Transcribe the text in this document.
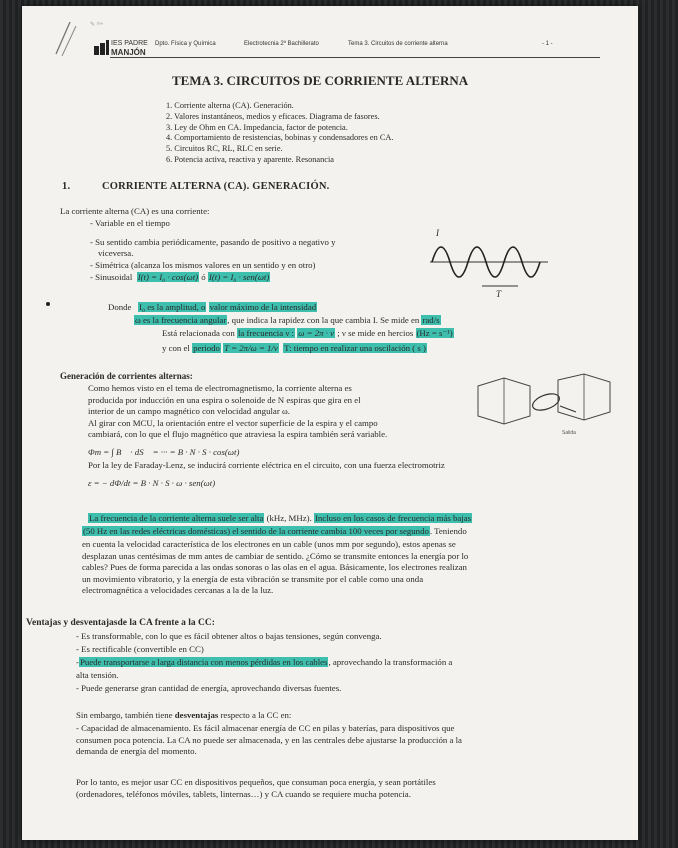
✎ ¹ᵇᵉˢ
IES PADRE
MANJÓN
Dpto. Física y Química	Electrotecnia 2º Bachillerato	Tema 3. Circuitos de corriente alterna	- 1 -
TEMA 3. CIRCUITOS DE CORRIENTE ALTERNA
1. Corriente alterna (CA). Generación.
2. Valores instantáneos, medios y eficaces. Diagrama de fasores.
3. Ley de Ohm en CA. Impedancia, factor de potencia.
4. Comportamiento de resistencias, bobinas y condensadores en CA.
5. Circuitos RC, RL, RLC en serie.
6. Potencia activa, reactiva y aparente. Resonancia
1.	CORRIENTE ALTERNA (CA). GENERACIÓN.
La corriente alterna (CA) es una corriente:
- Variable en el tiempo
- Su sentido cambia periódicamente, pasando de positivo a negativo y
viceversa.
- Simétrica (alcanza los mismos valores en un sentido y en otro)
- Sinusoidal I(t) = I₀ · cos(ωt) ó I(t) = I₀ · sen(ωt)
I
T
Donde I₀ es la amplitud, o valor máximo de la intensidad
ω es la frecuencia angular, que indica la rapidez con la que cambia I. Se mide en rad/s
Está relacionada con la frecuencia ν : ω = 2π · ν ; ν se mide en hercios (Hz = s⁻¹)
y con el periodo T = 2π/ω = 1/ν T: tiempo en realizar una oscilación ( s )
Generación de corrientes alternas:
Como hemos visto en el tema de electromagnetismo, la corriente alterna es
producida por inducción en una espira o solenoide de N espiras que gira en el
interior de un campo magnético con velocidad angular ω.
Al girar con MCU, la orientación entre el vector superficie de la espira y el campo
cambiará, con lo que el flujo magnético que atraviesa la espira también será variable.
Φm = ∫ B⃗ · dS⃗ = ··· = B · N · S · cos(ωt)
Por la ley de Faraday-Lenz, se inducirá corriente eléctrica en el circuito, con una fuerza electromotriz
ε = − dΦ/dt = B · N · S · ω · sen(ωt)
Salida
La frecuencia de la corriente alterna suele ser alta (kHz, MHz). Incluso en los casos de frecuencia más bajas
(50 Hz en las redes eléctricas domésticas) el sentido de la corriente cambia 100 veces por segundo. Teniendo
en cuenta la velocidad característica de los electrones en un cable (unos mm por segundo), estos apenas se
desplazan unas centésimas de mm antes de cambiar de sentido. ¿Cómo se transmite entonces la energía por lo
cables? Pues de forma parecida a las ondas sonoras o las olas en el agua. Básicamente, los electrones realizan
un movimiento vibratorio, y la energía de esta vibración se transmite por el cable como una onda
electromagnética a velocidades cercanas a la de la luz.
Ventajas y desventajasde la CA frente a la CC:
- Es transformable, con lo que es fácil obtener altos o bajas tensiones, según convenga.
- Es rectificable (convertible en CC)
-Puede transportarse a larga distancia con menos pérdidas en los cables, aprovechando la transformación a
alta tensión.
- Puede generarse gran cantidad de energía, aprovechando diversas fuentes.
Sin embargo, también tiene desventajas respecto a la CC en:
- Capacidad de almacenamiento. Es fácil almacenar energía de CC en pilas y baterías, para dispositivos que
consumen poca potencia. La CA no puede ser almacenada, y en las centrales debe ajustarse la producción a la
demanda de energía del momento.
Por lo tanto, es mejor usar CC en dispositivos pequeños, que consuman poca energía, y sean portátiles
(ordenadores, teléfonos móviles, tablets, linternas…) y CA cuando se requiere mucha potencia.
